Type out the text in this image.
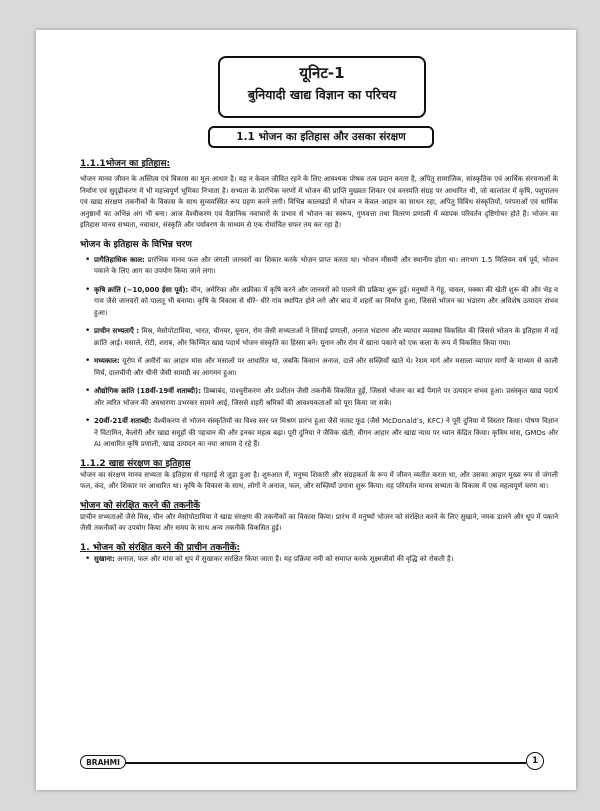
यूनिट-1
बुनियादी खाद्य विज्ञान का परिचय
1.1 भोजन का इतिहास और उसका संरक्षण
1.1.1भोजन का इतिहास:

भोजन मानव जीवन के अस्तित्व एवं विकास का मूल आधार है। यह न केवल जीवित रहने के लिए आवश्यक पोषक तत्व प्रदान करता है, अपितु सामाजिक, सांस्कृतिक एवं आर्थिक संरचनाओं के निर्माण एवं सुदृढ़ीकरण में भी महत्त्वपूर्ण भूमिका निभाता है। सभ्यता के प्रारंभिक चरणों में भोजन की प्राप्ति मुख्यतः शिकार एवं वनस्पति संग्रह पर आधारित थी, जो कालांतर में कृषि, पशुपालन एवं खाद्य संरक्षण तकनीकों के विकास के साथ सुव्यवस्थित रूप ग्रहण करने लगी। विभिन्न कालखंडों में भोजन न केवल आहार का साधन रहा, अपितु विविध संस्कृतियों, परंपराओं एवं धार्मिक अनुष्ठानों का अभिन्न अंग भी बना। आज वैश्वीकरण एवं वैज्ञानिक नवाचारों के प्रभाव से भोजन का स्वरूप, गुणवत्ता तथा वितरण प्रणाली में व्यापक परिवर्तन दृष्टिगोचर होते हैं। भोजन का इतिहास मानव सभ्यता, नवाचार, संस्कृति और पर्यावरण के माध्यम से एक रोमांचित सफर तय कर रहा है।

भोजन के इतिहास के विभिन्न चरण
• प्रागैतिहासिक काल: प्रारंभिक मानव फल और जंगली जानवरों का शिकार करके भोजन प्राप्त करता था। भोजन मौसमी और स्थानीय होता था। लगभग 1.5 मिलियन वर्ष पूर्व, भोजन पकाने के लिए आग का उपयोग किया जाने लगा।
• कृषि क्रांति (~10,000 ईसा पूर्व): चीन, अमेरिका और अफ्रीका में कृषि करने और जानवरों को पालने की प्रक्रिया शुरू हुई। मनुष्यों ने गेहूं, चावल, मक्का की खेती शुरू की और भेड़ व गाय जैसे जानवरों को पालतू भी बनाया। कृषि के विकास से धीरे- धीरे गांव स्थापित होने लगे और बाद में शहरों का निर्माण हुआ, जिससे भोजन का भंडारण और अधिशेष उत्पादन संभव हुआ।
• प्राचीन सभ्यताएँ : मिस्र, मेसोपोटामिया, भारत, चीनयर, यूनान, रोम जैसी सभ्यताओं ने सिंचाई प्रणाली, अनाज भंडारण और व्यापार व्यवस्था विकसित की जिससे भोजन के इतिहास में नई क्रांति आई। मसाले, रोटी, शराब, और किण्वित खाद्य पदार्थ भोजन संस्कृति का हिस्सा बने। यूनान और रोम में खाना पकाने को एक कला के रूप में विकसित किया गया।
• मध्यकाल: यूरोप में अमीरों का आहार मांस और मसालों पर आधारित था, जबकि किसान अनाज, दालें और सब्ज़ियाँ खाते थे। रेशम मार्ग और मसाला व्यापार मार्गों के माध्यम से काली मिर्च, दालचीनी और चीनी जैसी सामग्री का आगमन हुआ।
• औद्योगिक क्रांति (18वीं-19वीं शताब्दी): डिब्बाबंद, पाश्चुरीकरण और प्रशीतन जैसी तकनीकें विकसित हुईं, जिससे भोजन का बड़े पैमाने पर उत्पादन संभव हुआ। प्रसंस्कृत खाद्य पदार्थ और त्वरित भोजन की अवधारणा उभरकर सामने आई, जिससे शहरी श्रमिकों की आवश्यकताओं को पूरा किया जा सके।
• 20वीं-21वीं शताब्दी: वैश्वीकरण से भोजन संस्कृतियों का विश्व स्तर पर मिश्रण प्रारंभ हुआ जैसे फास्ट फूड (जैसे McDonald’s, KFC) ने पूरी दुनिया में विस्तार किया। पोषण विज्ञान ने विटामिन, कैलोरी और खाद्य समूहों की पहचान की और इनका महत्व बढ़ा। पूरी दुनिया ने जैविक खेती, वीगन आहार और खाद्य न्याय पर ध्यान केंद्रित किया। कृत्रिम मांस, GMOs और AI आधारित कृषि प्रणाली, खाद्य उत्पादन का नया आयाम दे रहे हैं।
1.1.2 खाद्य संरक्षण का इतिहास

भोजन का संरक्षण मानव सभ्यता के इतिहास से गहराई से जुड़ा हुआ है। शुरुआत में, मनुष्य शिकारी और संग्रहकर्ता के रूप में जीवन व्यतीत करता था, और उसका आहार मुख्य रूप से जंगली फल, कंद, और शिकार पर आधारित था। कृषि के विकास के साथ, लोगों ने अनाज, फल, और सब्ज़ियाँ उगाना शुरू किया। यह परिवर्तन मानव सभ्यता के विकास में एक महत्वपूर्ण चरण था।

भोजन को संरक्षित करने की तकनीकें

प्राचीन सभ्यताओं जैसे मिस्र, चीन और मेसोपोटामिया ने खाद्य संरक्षण की तकनीकों का विकास किया। प्रारंभ में मनुष्यों भोजन को संरक्षित करने के लिए सुखाने, नमक डालने और धूप में पकाने जैसी तकनीकों का उपयोग किया और समय के साथ अन्य तकनीकें विकसित हुई।

1. भोजन को संरक्षित करने की प्राचीन तकनीकें:
• सुखाना: अनाज, फल और मांस को धूप में सुखाकर संरक्षित किया जाता है। यह प्रक्रिया नमी को समाप्त करके सूक्ष्मजीवों की वृद्धि को रोकती है।
BRAHMI	1
